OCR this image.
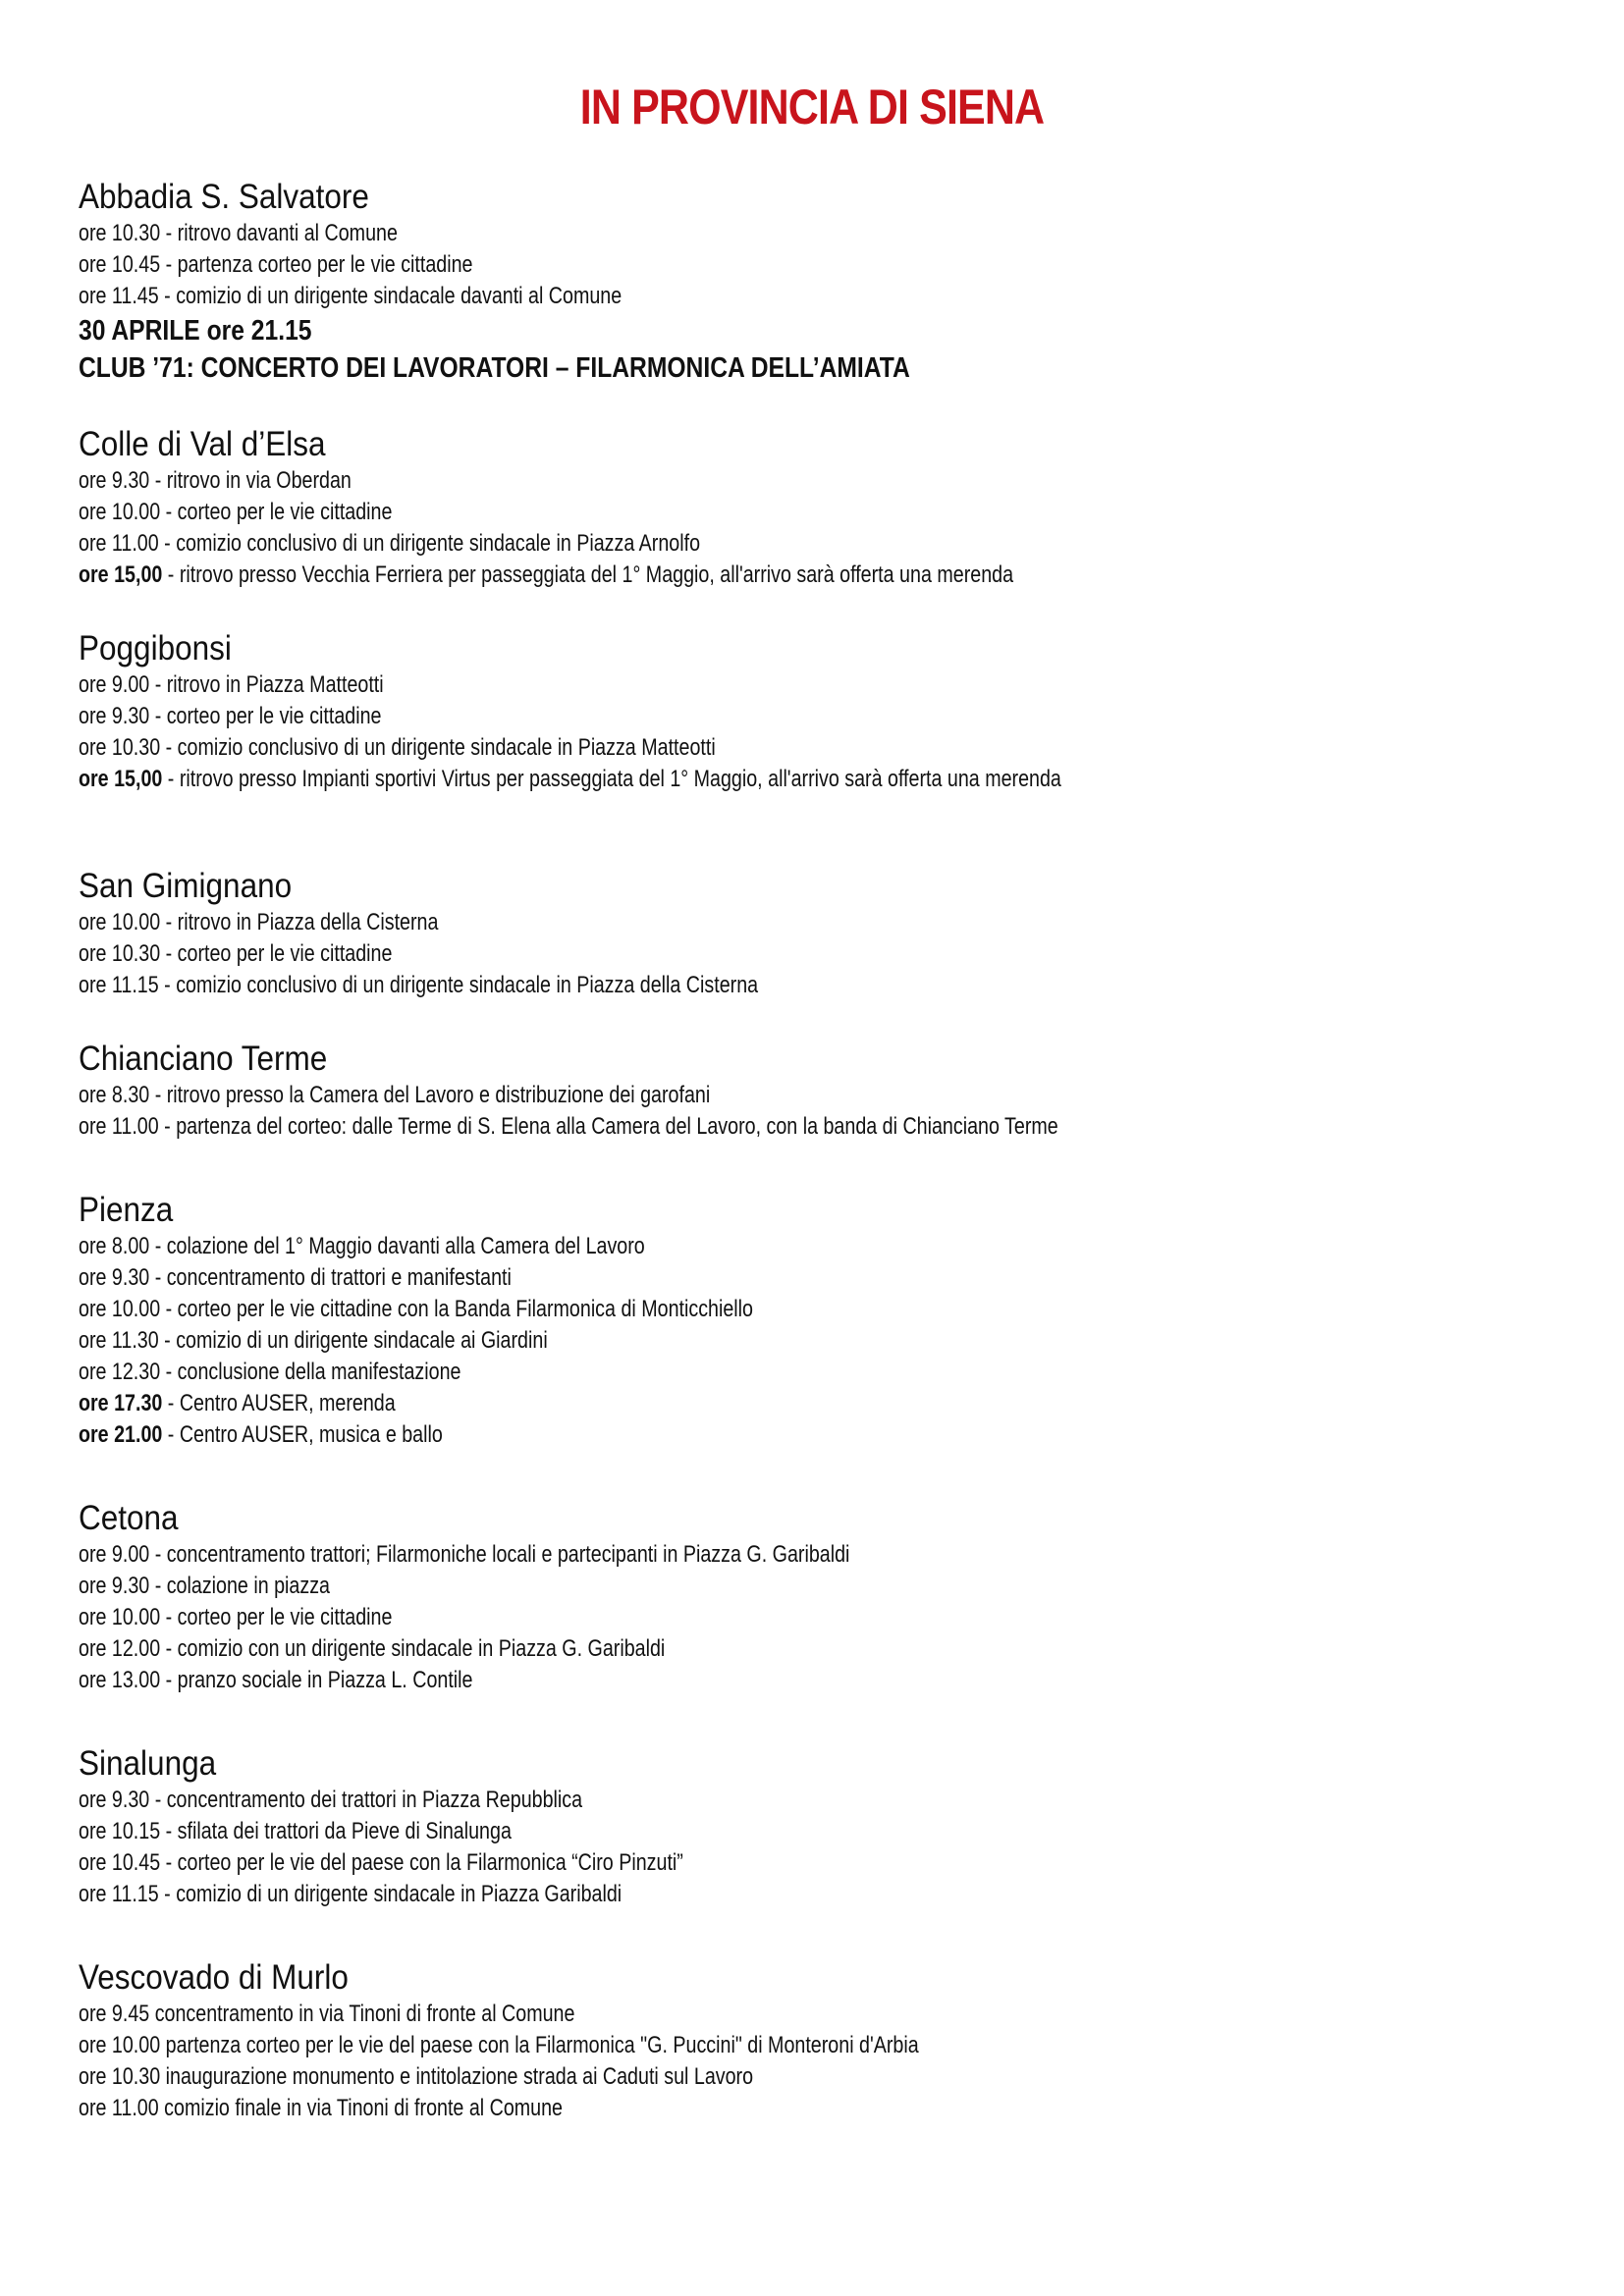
IN PROVINCIA DI SIENA
Abbadia S. Salvatore
ore 10.30 - ritrovo davanti al Comune
ore 10.45 - partenza corteo per le vie cittadine
ore 11.45 - comizio di un dirigente sindacale davanti al Comune
30 APRILE ore 21.15
CLUB ’71: CONCERTO DEI LAVORATORI – FILARMONICA DELL’AMIATA
Colle di Val d’Elsa
ore 9.30 - ritrovo in via Oberdan
ore 10.00 - corteo per le vie cittadine
ore 11.00 - comizio conclusivo di un dirigente sindacale in Piazza Arnolfo
ore 15,00 - ritrovo presso Vecchia Ferriera per passeggiata del 1° Maggio, all'arrivo sarà offerta una merenda
Poggibonsi
ore 9.00 - ritrovo in Piazza Matteotti
ore 9.30 - corteo per le vie cittadine
ore 10.30 - comizio conclusivo di un dirigente sindacale in Piazza Matteotti
ore 15,00 - ritrovo presso Impianti sportivi Virtus per passeggiata del 1° Maggio, all'arrivo sarà offerta una merenda
San Gimignano
ore 10.00 - ritrovo in Piazza della Cisterna
ore 10.30 - corteo per le vie cittadine
ore 11.15 - comizio conclusivo di un dirigente sindacale in Piazza della Cisterna
Chianciano Terme
ore 8.30 - ritrovo presso la Camera del Lavoro e distribuzione dei garofani
ore 11.00 - partenza del corteo: dalle Terme di S. Elena alla Camera del Lavoro, con la banda di Chianciano Terme
Pienza
ore 8.00 - colazione del 1° Maggio davanti alla Camera del Lavoro
ore 9.30 - concentramento di trattori e manifestanti
ore 10.00 - corteo per le vie cittadine con la Banda Filarmonica di Monticchiello
ore 11.30 - comizio di un dirigente sindacale ai Giardini
ore 12.30 - conclusione della manifestazione
ore 17.30 - Centro AUSER, merenda
ore 21.00 - Centro AUSER, musica e ballo
Cetona
ore 9.00 - concentramento trattori; Filarmoniche locali e partecipanti in Piazza G. Garibaldi
ore 9.30 - colazione in piazza
ore 10.00 - corteo per le vie cittadine
ore 12.00 - comizio con un dirigente sindacale in Piazza G. Garibaldi
ore 13.00 - pranzo sociale in Piazza L. Contile
Sinalunga
ore 9.30 - concentramento dei trattori in Piazza Repubblica
ore 10.15 - sfilata dei trattori da Pieve di Sinalunga
ore 10.45 - corteo per le vie del paese con la Filarmonica “Ciro Pinzuti”
ore 11.15 - comizio di un dirigente sindacale in Piazza Garibaldi
Vescovado di Murlo
ore 9.45 concentramento in via Tinoni di fronte al Comune
ore 10.00 partenza corteo per le vie del paese con la Filarmonica "G. Puccini" di Monteroni d'Arbia
ore 10.30 inaugurazione monumento e intitolazione strada ai Caduti sul Lavoro
ore 11.00 comizio finale in via Tinoni di fronte al Comune
